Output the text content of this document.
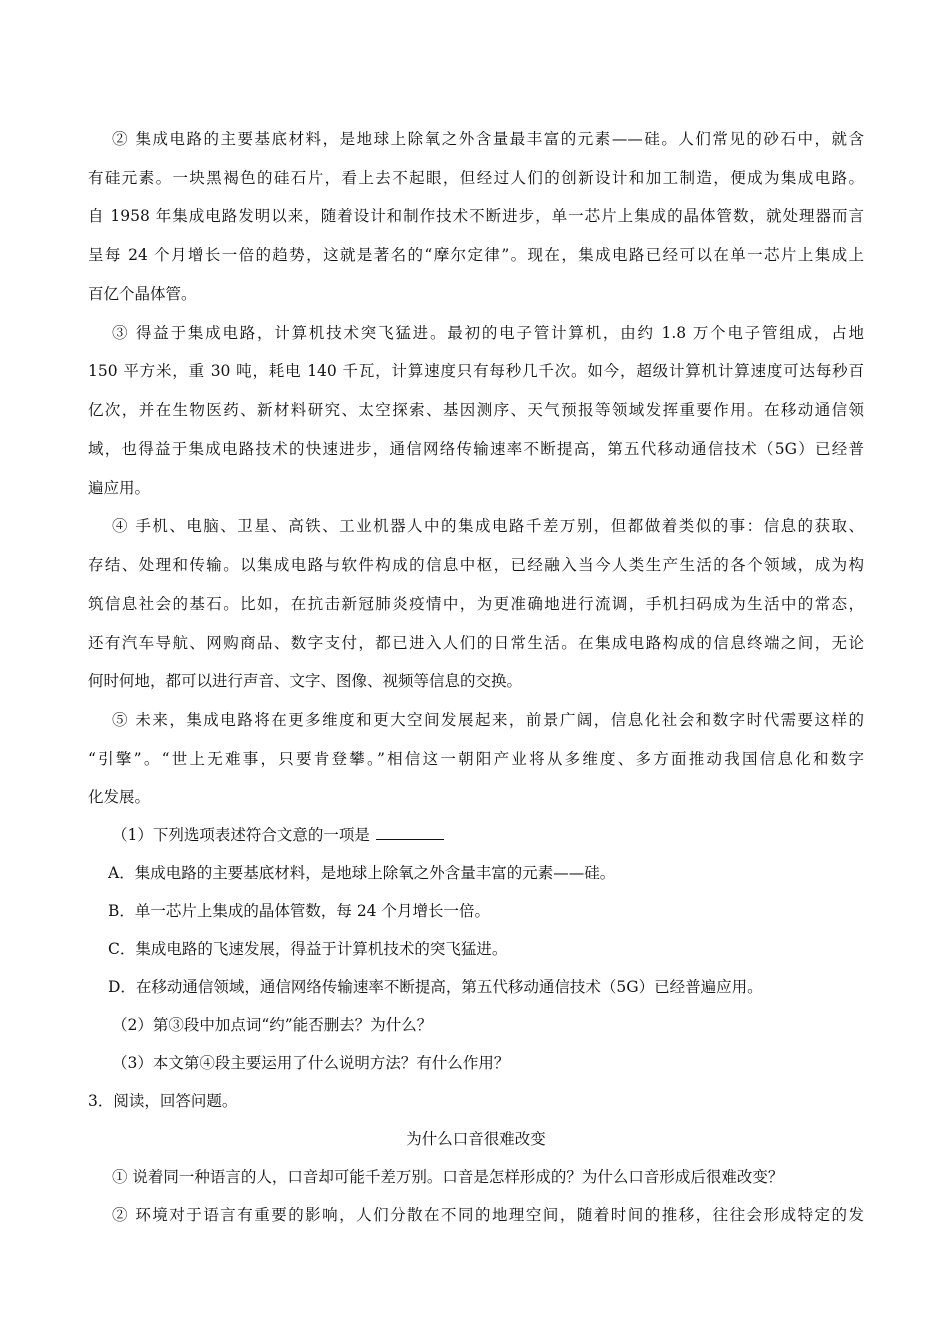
② 集成电路的主要基底材料，是地球上除氧之外含量最丰富的元素——硅。人们常见的砂石中，就含
有硅元素。一块黑褐色的硅石片，看上去不起眼，但经过人们的创新设计和加工制造，便成为集成电路。
自 1958 年集成电路发明以来，随着设计和制作技术不断进步，单一芯片上集成的晶体管数，就处理器而言
呈每 24 个月增长一倍的趋势，这就是著名的“摩尔定律”。现在，集成电路已经可以在单一芯片上集成上
百亿个晶体管。
③ 得益于集成电路，计算机技术突飞猛进。最初的电子管计算机，由约 1.8 万个电子管组成，占地
150 平方米，重 30 吨，耗电 140 千瓦，计算速度只有每秒几千次。如今，超级计算机计算速度可达每秒百
亿次，并在生物医药、新材料研究、太空探索、基因测序、天气预报等领域发挥重要作用。在移动通信领
域，也得益于集成电路技术的快速进步，通信网络传输速率不断提高，第五代移动通信技术（5G）已经普
遍应用。
④ 手机、电脑、卫星、高铁、工业机器人中的集成电路千差万别，但都做着类似的事：信息的获取、
存结、处理和传输。以集成电路与软件构成的信息中枢，已经融入当今人类生产生活的各个领域，成为构
筑信息社会的基石。比如，在抗击新冠肺炎疫情中，为更准确地进行流调，手机扫码成为生活中的常态，
还有汽车导航、网购商品、数字支付，都已进入人们的日常生活。在集成电路构成的信息终端之间，无论
何时何地，都可以进行声音、文字、图像、视频等信息的交换。
⑤ 未来，集成电路将在更多维度和更大空间发展起来，前景广阔，信息化社会和数字时代需要这样的
“引擎”。“世上无难事，只要肯登攀。”相信这一朝阳产业将从多维度、多方面推动我国信息化和数字
化发展。
（1）下列选项表述符合文意的一项是
A．集成电路的主要基底材料，是地球上除氧之外含量丰富的元素——硅。
B．单一芯片上集成的晶体管数，每 24 个月增长一倍。
C．集成电路的飞速发展，得益于计算机技术的突飞猛进。
D．在移动通信领域，通信网络传输速率不断提高，第五代移动通信技术（5G）已经普遍应用。
（2）第③段中加点词“约”能否删去？为什么？
（3）本文第④段主要运用了什么说明方法？有什么作用？
3．阅读，回答问题。
为什么口音很难改变
① 说着同一种语言的人，口音却可能千差万别。口音是怎样形成的？为什么口音形成后很难改变？
② 环境对于语言有重要的影响，人们分散在不同的地理空间，随着时间的推移，往往会形成特定的发
